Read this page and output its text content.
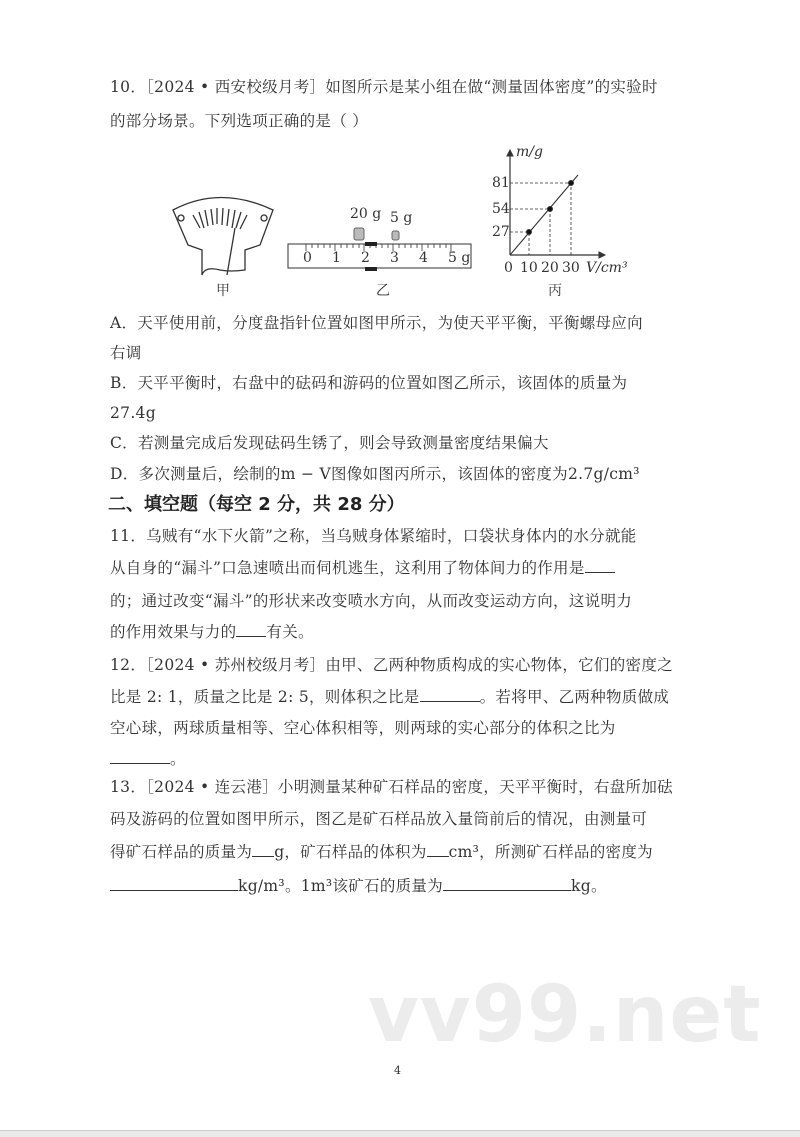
10．［2024 • 西安校级月考］如图所示是某小组在做“测量固体密度”的实验时
的部分场景。下列选项正确的是（ ）
20 g 5 g
0 1 2 3 4 5 g
m/g
81
54
27
0 10 20 30 V/cm³
甲	乙	丙
A．天平使用前，分度盘指针位置如图甲所示，为使天平平衡，平衡螺母应向
右调
B．天平平衡时，右盘中的砝码和游码的位置如图乙所示，该固体的质量为
27.4g
C．若测量完成后发现砝码生锈了，则会导致测量密度结果偏大
D．多次测量后，绘制的m − V图像如图丙所示，该固体的密度为2.7g/cm³
二、填空题（每空 2 分，共 28 分）
11．乌贼有“水下火箭”之称，当乌贼身体紧缩时，口袋状身体内的水分就能
从自身的“漏斗”口急速喷出而伺机逃生，这利用了物体间力的作用是
的；通过改变“漏斗”的形状来改变喷水方向，从而改变运动方向，这说明力
的作用效果与力的 有关。
12．［2024 • 苏州校级月考］由甲、乙两种物质构成的实心物体，它们的密度之
比是 2: 1，质量之比是 2: 5，则体积之比是	。若将甲、乙两种物质做成
空心球，两球质量相等、空心体积相等，则两球的实心部分的体积之比为
。
13．［2024 • 连云港］小明测量某种矿石样品的密度，天平平衡时，右盘所加砝
码及游码的位置如图甲所示，图乙是矿石样品放入量筒前后的情况，由测量可
得矿石样品的质量为 g，矿石样品的体积为 cm³，所测矿石样品的密度为
kg/m³。1m³该矿石的质量为	kg。
vv99.net
4
